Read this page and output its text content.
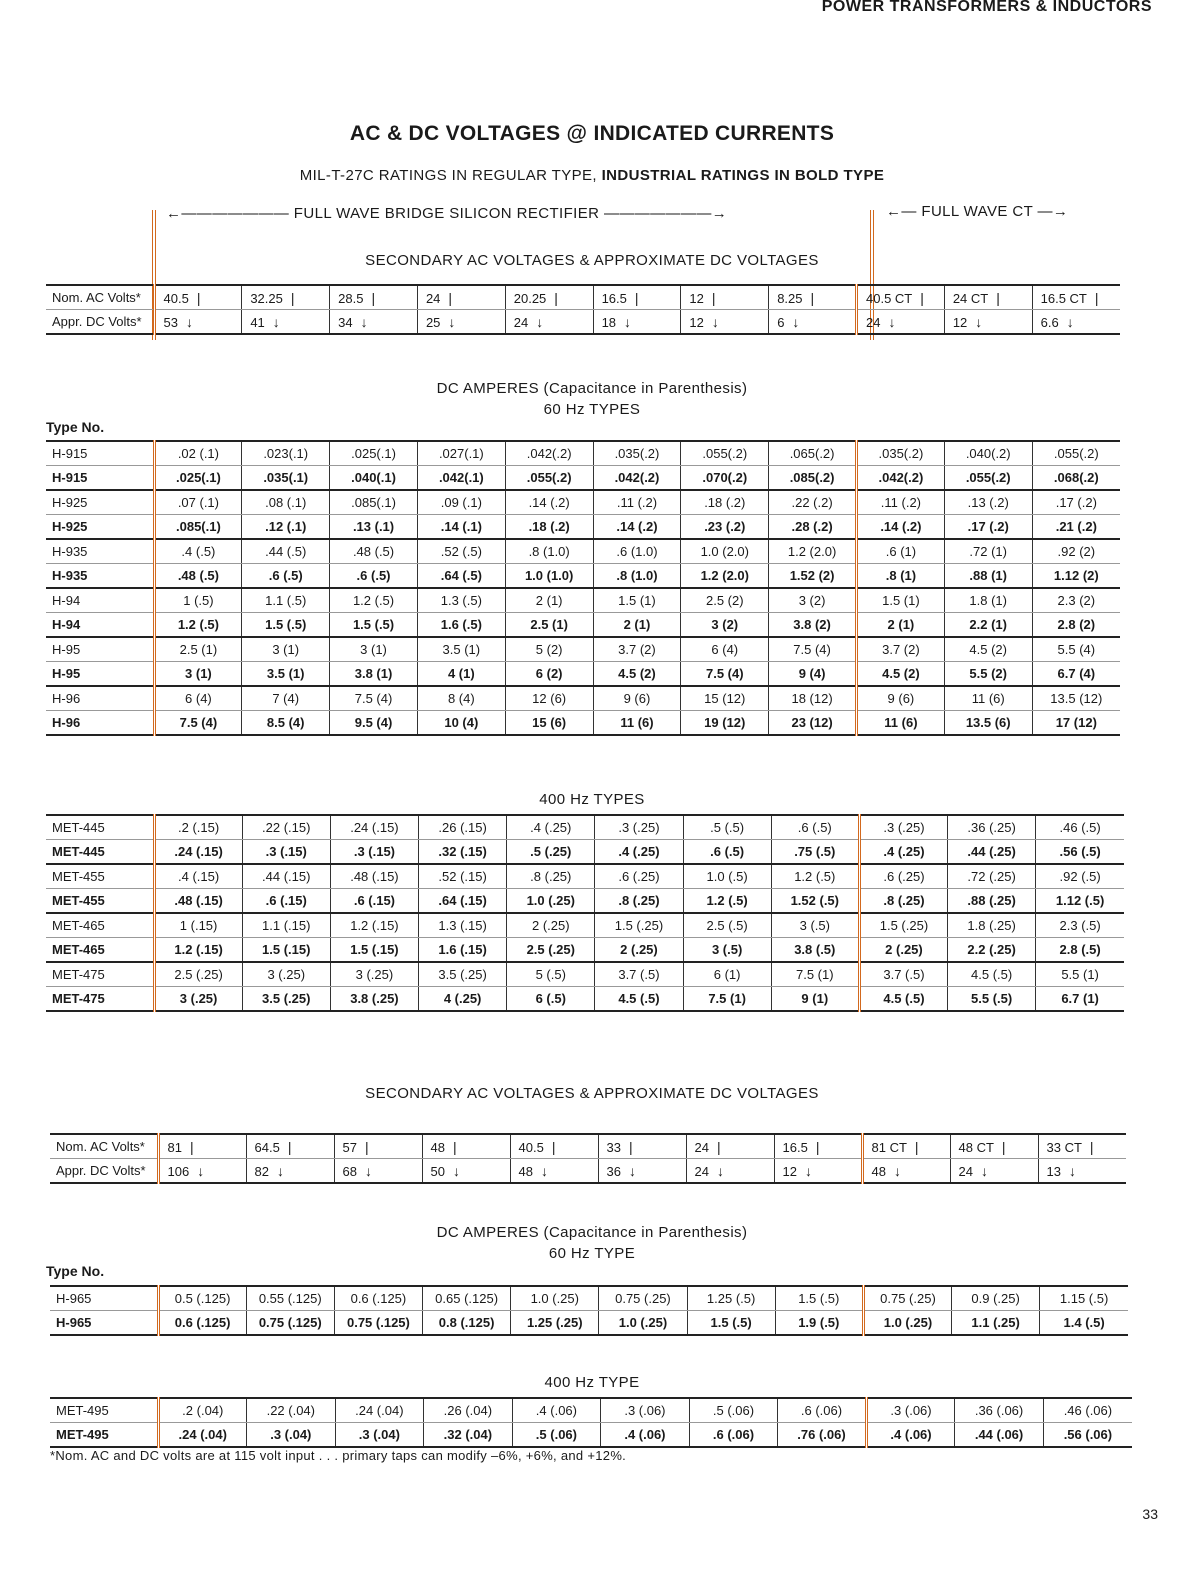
POWER TRANSFORMERS & INDUCTORS
AC & DC VOLTAGES @ INDICATED CURRENTS
MIL-T-27C RATINGS IN REGULAR TYPE, INDUSTRIAL RATINGS IN BOLD TYPE
←——————— FULL WAVE BRIDGE SILICON RECTIFIER ———————→	←— FULL WAVE CT —→
SECONDARY AC VOLTAGES & APPROXIMATE DC VOLTAGES
Nom. AC Volts*	40.5 |	32.25 |	28.5 |	24 |	20.25 |	16.5 |	12 |	8.25 |	40.5 CT |	24 CT |	16.5 CT |
Appr. DC Volts*	53 ↓	41 ↓	34 ↓	25 ↓	24 ↓	18 ↓	12 ↓	6 ↓	24 ↓	12 ↓	6.6 ↓
DC AMPERES (Capacitance in Parenthesis)
60 Hz TYPES
Type No.
H-915	.02 (.1)	.023(.1)	.025(.1)	.027(.1)	.042(.2)	.035(.2)	.055(.2)	.065(.2)	.035(.2)	.040(.2)	.055(.2)
H-915	.025(.1)	.035(.1)	.040(.1)	.042(.1)	.055(.2)	.042(.2)	.070(.2)	.085(.2)	.042(.2)	.055(.2)	.068(.2)
H-925	.07 (.1)	.08 (.1)	.085(.1)	.09 (.1)	.14 (.2)	.11 (.2)	.18 (.2)	.22 (.2)	.11 (.2)	.13 (.2)	.17 (.2)
H-925	.085(.1)	.12 (.1)	.13 (.1)	.14 (.1)	.18 (.2)	.14 (.2)	.23 (.2)	.28 (.2)	.14 (.2)	.17 (.2)	.21 (.2)
H-935	.4 (.5)	.44 (.5)	.48 (.5)	.52 (.5)	.8 (1.0)	.6 (1.0)	1.0 (2.0)	1.2 (2.0)	.6 (1)	.72 (1)	.92 (2)
H-935	.48 (.5)	.6 (.5)	.6 (.5)	.64 (.5)	1.0 (1.0)	.8 (1.0)	1.2 (2.0)	1.52 (2)	.8 (1)	.88 (1)	1.12 (2)
H-94	1 (.5)	1.1 (.5)	1.2 (.5)	1.3 (.5)	2 (1)	1.5 (1)	2.5 (2)	3 (2)	1.5 (1)	1.8 (1)	2.3 (2)
H-94	1.2 (.5)	1.5 (.5)	1.5 (.5)	1.6 (.5)	2.5 (1)	2 (1)	3 (2)	3.8 (2)	2 (1)	2.2 (1)	2.8 (2)
H-95	2.5 (1)	3 (1)	3 (1)	3.5 (1)	5 (2)	3.7 (2)	6 (4)	7.5 (4)	3.7 (2)	4.5 (2)	5.5 (4)
H-95	3 (1)	3.5 (1)	3.8 (1)	4 (1)	6 (2)	4.5 (2)	7.5 (4)	9 (4)	4.5 (2)	5.5 (2)	6.7 (4)
H-96	6 (4)	7 (4)	7.5 (4)	8 (4)	12 (6)	9 (6)	15 (12)	18 (12)	9 (6)	11 (6)	13.5 (12)
H-96	7.5 (4)	8.5 (4)	9.5 (4)	10 (4)	15 (6)	11 (6)	19 (12)	23 (12)	11 (6)	13.5 (6)	17 (12)
400 Hz TYPES
MET-445	.2 (.15)	.22 (.15)	.24 (.15)	.26 (.15)	.4 (.25)	.3 (.25)	.5 (.5)	.6 (.5)	.3 (.25)	.36 (.25)	.46 (.5)
MET-445	.24 (.15)	.3 (.15)	.3 (.15)	.32 (.15)	.5 (.25)	.4 (.25)	.6 (.5)	.75 (.5)	.4 (.25)	.44 (.25)	.56 (.5)
MET-455	.4 (.15)	.44 (.15)	.48 (.15)	.52 (.15)	.8 (.25)	.6 (.25)	1.0 (.5)	1.2 (.5)	.6 (.25)	.72 (.25)	.92 (.5)
MET-455	.48 (.15)	.6 (.15)	.6 (.15)	.64 (.15)	1.0 (.25)	.8 (.25)	1.2 (.5)	1.52 (.5)	.8 (.25)	.88 (.25)	1.12 (.5)
MET-465	1 (.15)	1.1 (.15)	1.2 (.15)	1.3 (.15)	2 (.25)	1.5 (.25)	2.5 (.5)	3 (.5)	1.5 (.25)	1.8 (.25)	2.3 (.5)
MET-465	1.2 (.15)	1.5 (.15)	1.5 (.15)	1.6 (.15)	2.5 (.25)	2 (.25)	3 (.5)	3.8 (.5)	2 (.25)	2.2 (.25)	2.8 (.5)
MET-475	2.5 (.25)	3 (.25)	3 (.25)	3.5 (.25)	5 (.5)	3.7 (.5)	6 (1)	7.5 (1)	3.7 (.5)	4.5 (.5)	5.5 (1)
MET-475	3 (.25)	3.5 (.25)	3.8 (.25)	4 (.25)	6 (.5)	4.5 (.5)	7.5 (1)	9 (1)	4.5 (.5)	5.5 (.5)	6.7 (1)
SECONDARY AC VOLTAGES & APPROXIMATE DC VOLTAGES
Nom. AC Volts*	81 |	64.5 |	57 |	48 |	40.5 |	33 |	24 |	16.5 |	81 CT |	48 CT |	33 CT |
Appr. DC Volts*	106 ↓	82 ↓	68 ↓	50 ↓	48 ↓	36 ↓	24 ↓	12 ↓	48 ↓	24 ↓	13 ↓
DC AMPERES (Capacitance in Parenthesis)
60 Hz TYPE
Type No.
H-965	0.5 (.125)	0.55 (.125)	0.6 (.125)	0.65 (.125)	1.0 (.25)	0.75 (.25)	1.25 (.5)	1.5 (.5)	0.75 (.25)	0.9 (.25)	1.15 (.5)
H-965	0.6 (.125)	0.75 (.125)	0.75 (.125)	0.8 (.125)	1.25 (.25)	1.0 (.25)	1.5 (.5)	1.9 (.5)	1.0 (.25)	1.1 (.25)	1.4 (.5)
400 Hz TYPE
MET-495	.2 (.04)	.22 (.04)	.24 (.04)	.26 (.04)	.4 (.06)	.3 (.06)	.5 (.06)	.6 (.06)	.3 (.06)	.36 (.06)	.46 (.06)
MET-495	.24 (.04)	.3 (.04)	.3 (.04)	.32 (.04)	.5 (.06)	.4 (.06)	.6 (.06)	.76 (.06)	.4 (.06)	.44 (.06)	.56 (.06)
*Nom. AC and DC volts are at 115 volt input . . . primary taps can modify –6%, +6%, and +12%.
33
